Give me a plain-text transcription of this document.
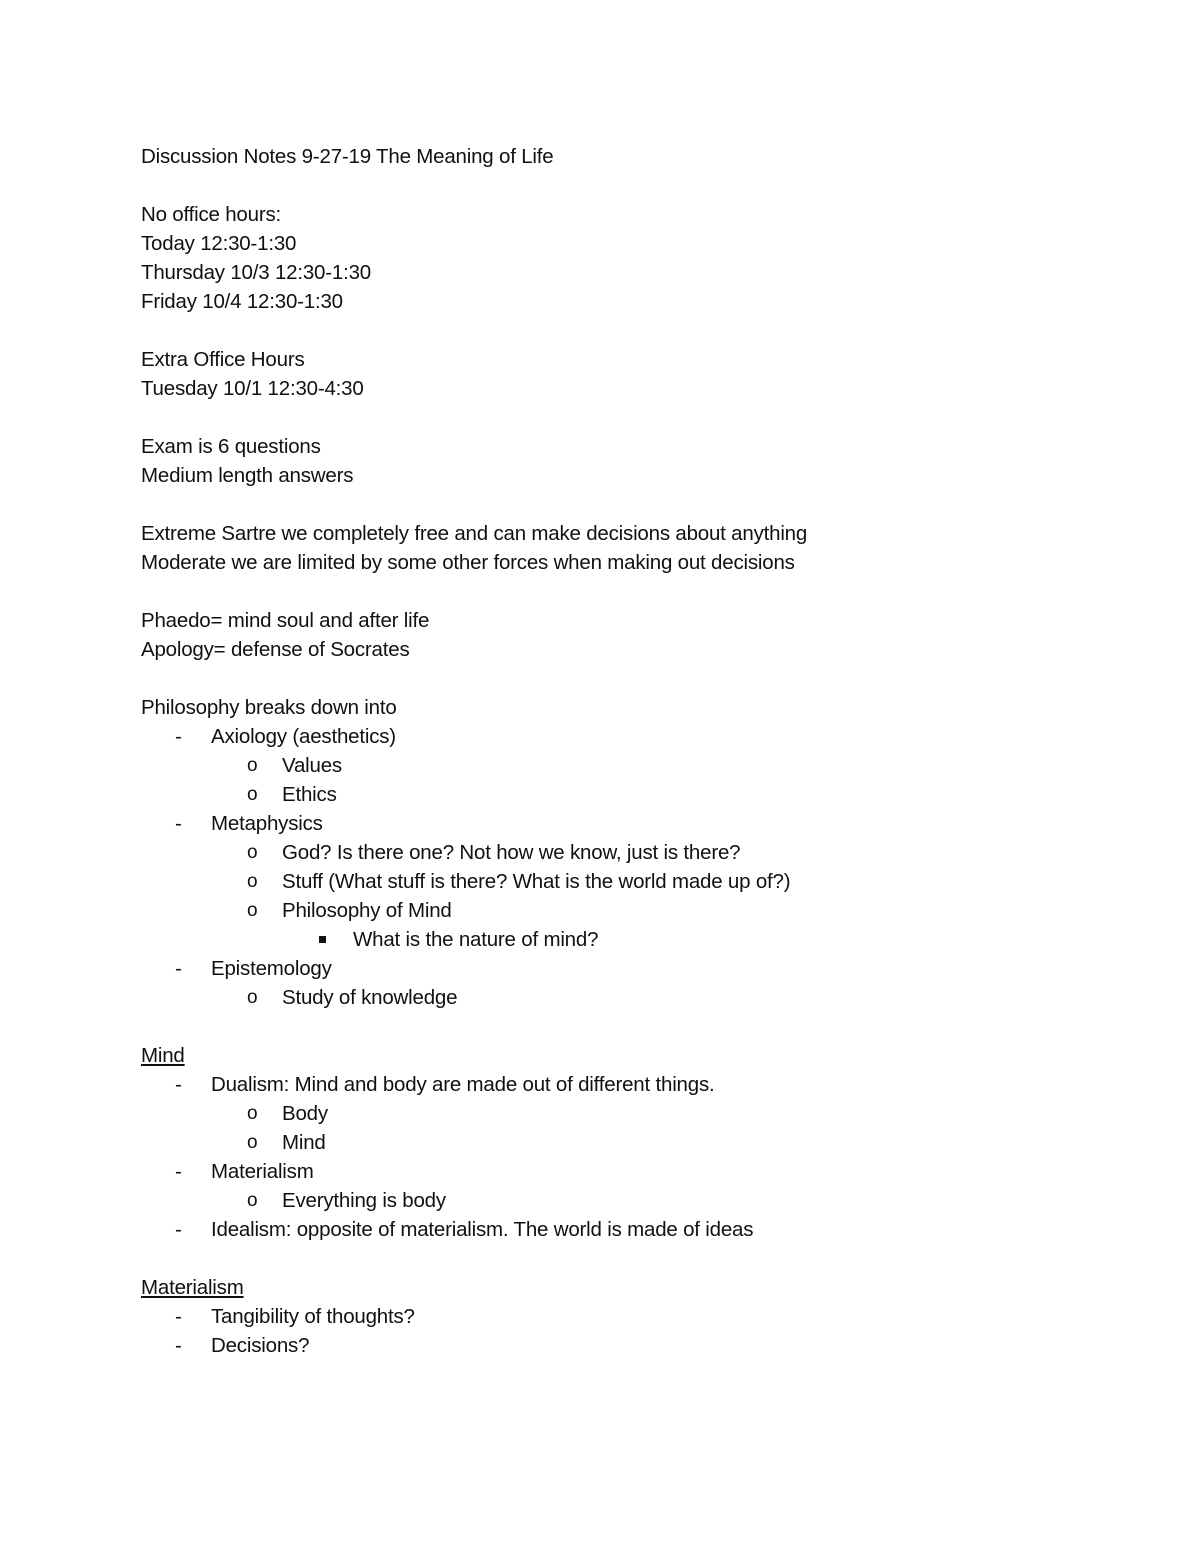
Discussion Notes 9-27-19 The Meaning of Life
No office hours:
Today 12:30-1:30
Thursday 10/3 12:30-1:30
Friday 10/4 12:30-1:30
Extra Office Hours
Tuesday 10/1 12:30-4:30
Exam is 6 questions
Medium length answers
Extreme Sartre we completely free and can make decisions about anything
Moderate we are limited by some other forces when making out decisions
Phaedo= mind soul and after life
Apology= defense of Socrates
Philosophy breaks down into
- Axiology (aesthetics)
o Values
o Ethics
- Metaphysics
o God? Is there one? Not how we know, just is there?
o Stuff (What stuff is there? What is the world made up of?)
o Philosophy of Mind
What is the nature of mind?
- Epistemology
o Study of knowledge
Mind
- Dualism: Mind and body are made out of different things.
o Body
o Mind
- Materialism
o Everything is body
- Idealism: opposite of materialism. The world is made of ideas
Materialism
- Tangibility of thoughts?
- Decisions?
